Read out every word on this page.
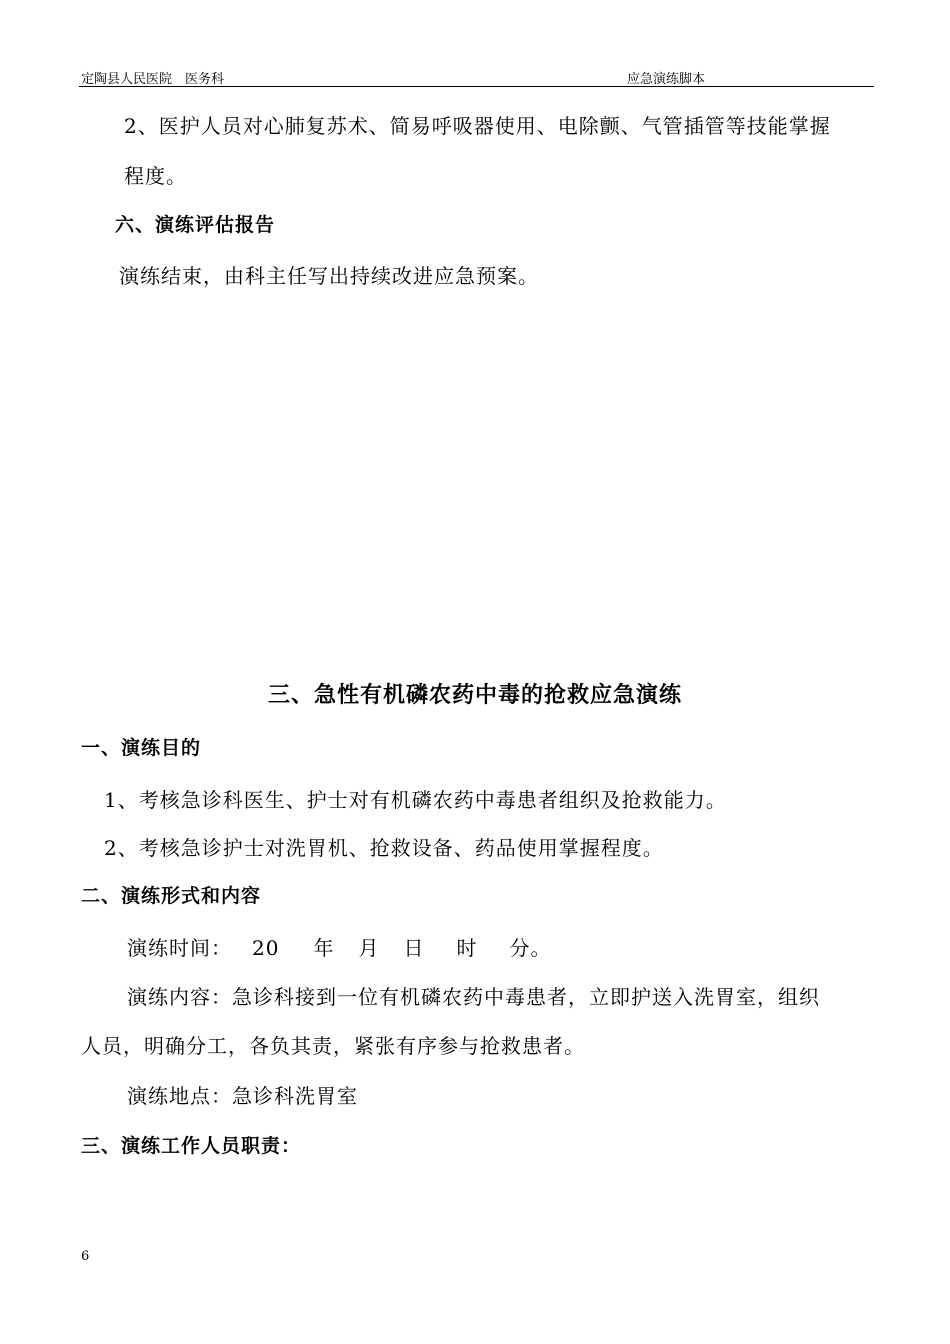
定陶县人民医院　医务科	应急演练脚本
2、医护人员对心肺复苏术、简易呼吸器使用、电除颤、气管插管等技能掌握
程度。
六、演练评估报告
演练结束，由科主任写出持续改进应急预案。
三、急性有机磷农药中毒的抢救应急演练
一、演练目的
1、考核急诊科医生、护士对有机磷农药中毒患者组织及抢救能力。
2、考核急诊护士对洗胃机、抢救设备、药品使用掌握程度。
二、演练形式和内容
演练时间： 20 年 月 日 时 分。
演练内容：急诊科接到一位有机磷农药中毒患者，立即护送入洗胃室，组织
人员，明确分工，各负其责，紧张有序参与抢救患者。
演练地点：急诊科洗胃室
三、演练工作人员职责：
6
